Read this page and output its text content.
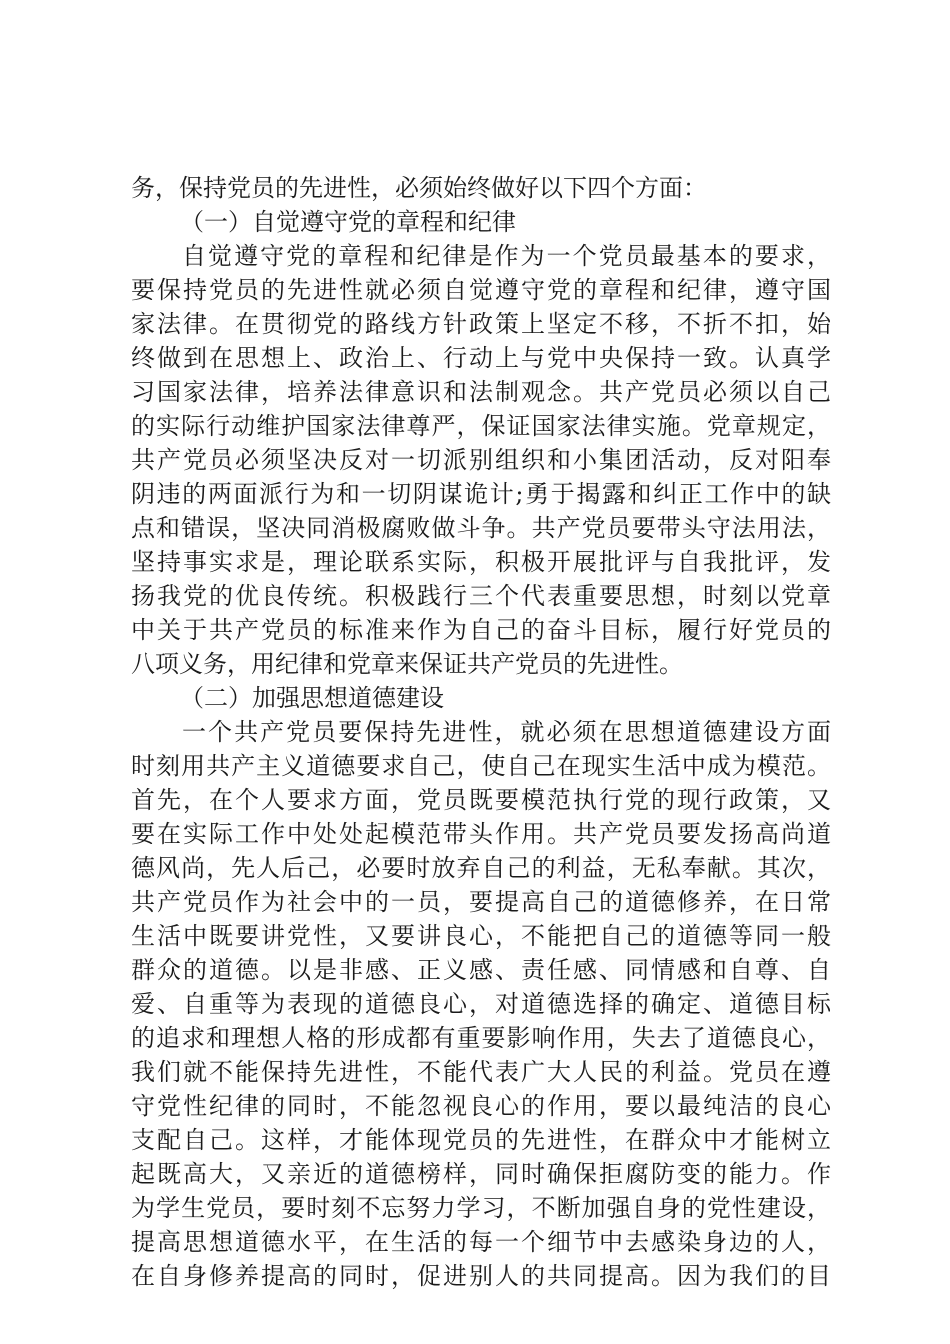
务，保持党员的先进性，必须始终做好以下四个方面：
（一）自觉遵守党的章程和纪律
自觉遵守党的章程和纪律是作为一个党员最基本的要求，
要保持党员的先进性就必须自觉遵守党的章程和纪律，遵守国
家法律。在贯彻党的路线方针政策上坚定不移，不折不扣，始
终做到在思想上、政治上、行动上与党中央保持一致。认真学
习国家法律，培养法律意识和法制观念。共产党员必须以自己
的实际行动维护国家法律尊严，保证国家法律实施。党章规定，
共产党员必须坚决反对一切派别组织和小集团活动，反对阳奉
阴违的两面派行为和一切阴谋诡计;勇于揭露和纠正工作中的缺
点和错误，坚决同消极腐败做斗争。共产党员要带头守法用法，
坚持事实求是，理论联系实际，积极开展批评与自我批评，发
扬我党的优良传统。积极践行三个代表重要思想，时刻以党章
中关于共产党员的标准来作为自己的奋斗目标，履行好党员的
八项义务，用纪律和党章来保证共产党员的先进性。
（二）加强思想道德建设
一个共产党员要保持先进性，就必须在思想道德建设方面
时刻用共产主义道德要求自己，使自己在现实生活中成为模范。
首先，在个人要求方面，党员既要模范执行党的现行政策，又
要在实际工作中处处起模范带头作用。共产党员要发扬高尚道
德风尚，先人后己，必要时放弃自己的利益，无私奉献。其次，
共产党员作为社会中的一员，要提高自己的道德修养，在日常
生活中既要讲党性，又要讲良心，不能把自己的道德等同一般
群众的道德。以是非感、正义感、责任感、同情感和自尊、自
爱、自重等为表现的道德良心，对道德选择的确定、道德目标
的追求和理想人格的形成都有重要影响作用，失去了道德良心，
我们就不能保持先进性，不能代表广大人民的利益。党员在遵
守党性纪律的同时，不能忽视良心的作用，要以最纯洁的良心
支配自己。这样，才能体现党员的先进性，在群众中才能树立
起既高大，又亲近的道德榜样，同时确保拒腐防变的能力。作
为学生党员，要时刻不忘努力学习，不断加强自身的党性建设，
提高思想道德水平，在生活的每一个细节中去感染身边的人，
在自身修养提高的同时，促进别人的共同提高。因为我们的目
